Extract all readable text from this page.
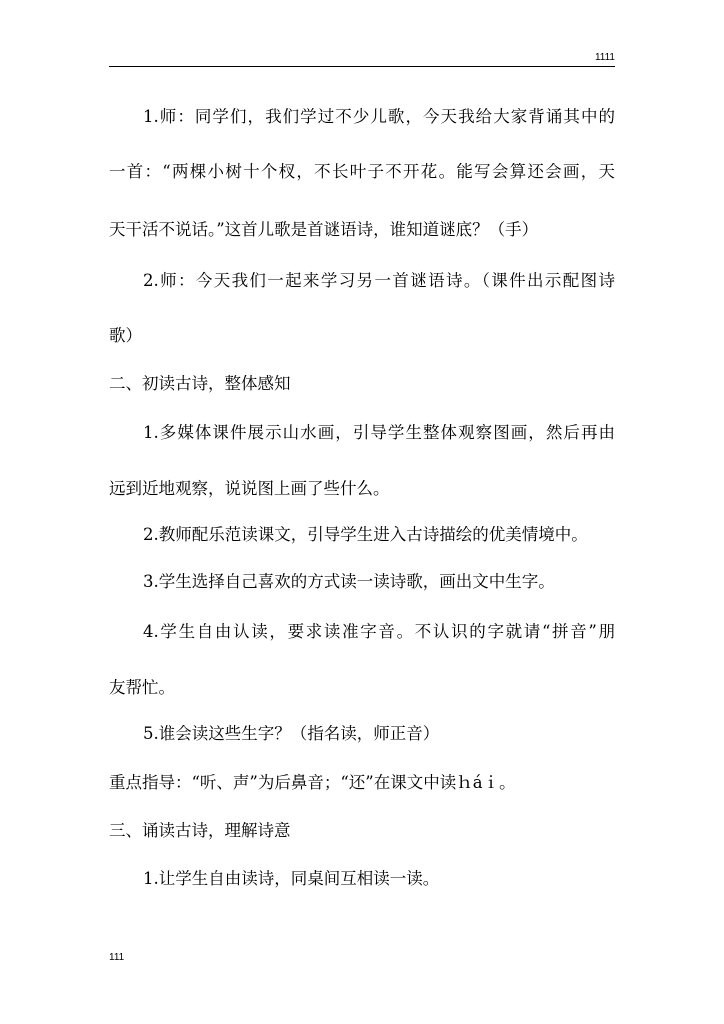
1111
1.师：同学们，我们学过不少儿歌，今天我给大家背诵其中的
一首：“两棵小树十个杈，不长叶子不开花。能写会算还会画，天
天干活不说话。”这首儿歌是首谜语诗，谁知道谜底？（手）
2.师：今天我们一起来学习另一首谜语诗。（课件出示配图诗
歌）
二、初读古诗，整体感知
1.多媒体课件展示山水画，引导学生整体观察图画，然后再由
远到近地观察，说说图上画了些什么。
2.教师配乐范读课文，引导学生进入古诗描绘的优美情境中。
3.学生选择自己喜欢的方式读一读诗歌，画出文中生字。
4.学生自由认读，要求读准字音。不认识的字就请“拼音”朋
友帮忙。
5.谁会读这些生字？（指名读，师正音）
重点指导：“听、声”为后鼻音；“还”在课文中读ｈáｉ。
三、诵读古诗，理解诗意
1.让学生自由读诗，同桌间互相读一读。
111
